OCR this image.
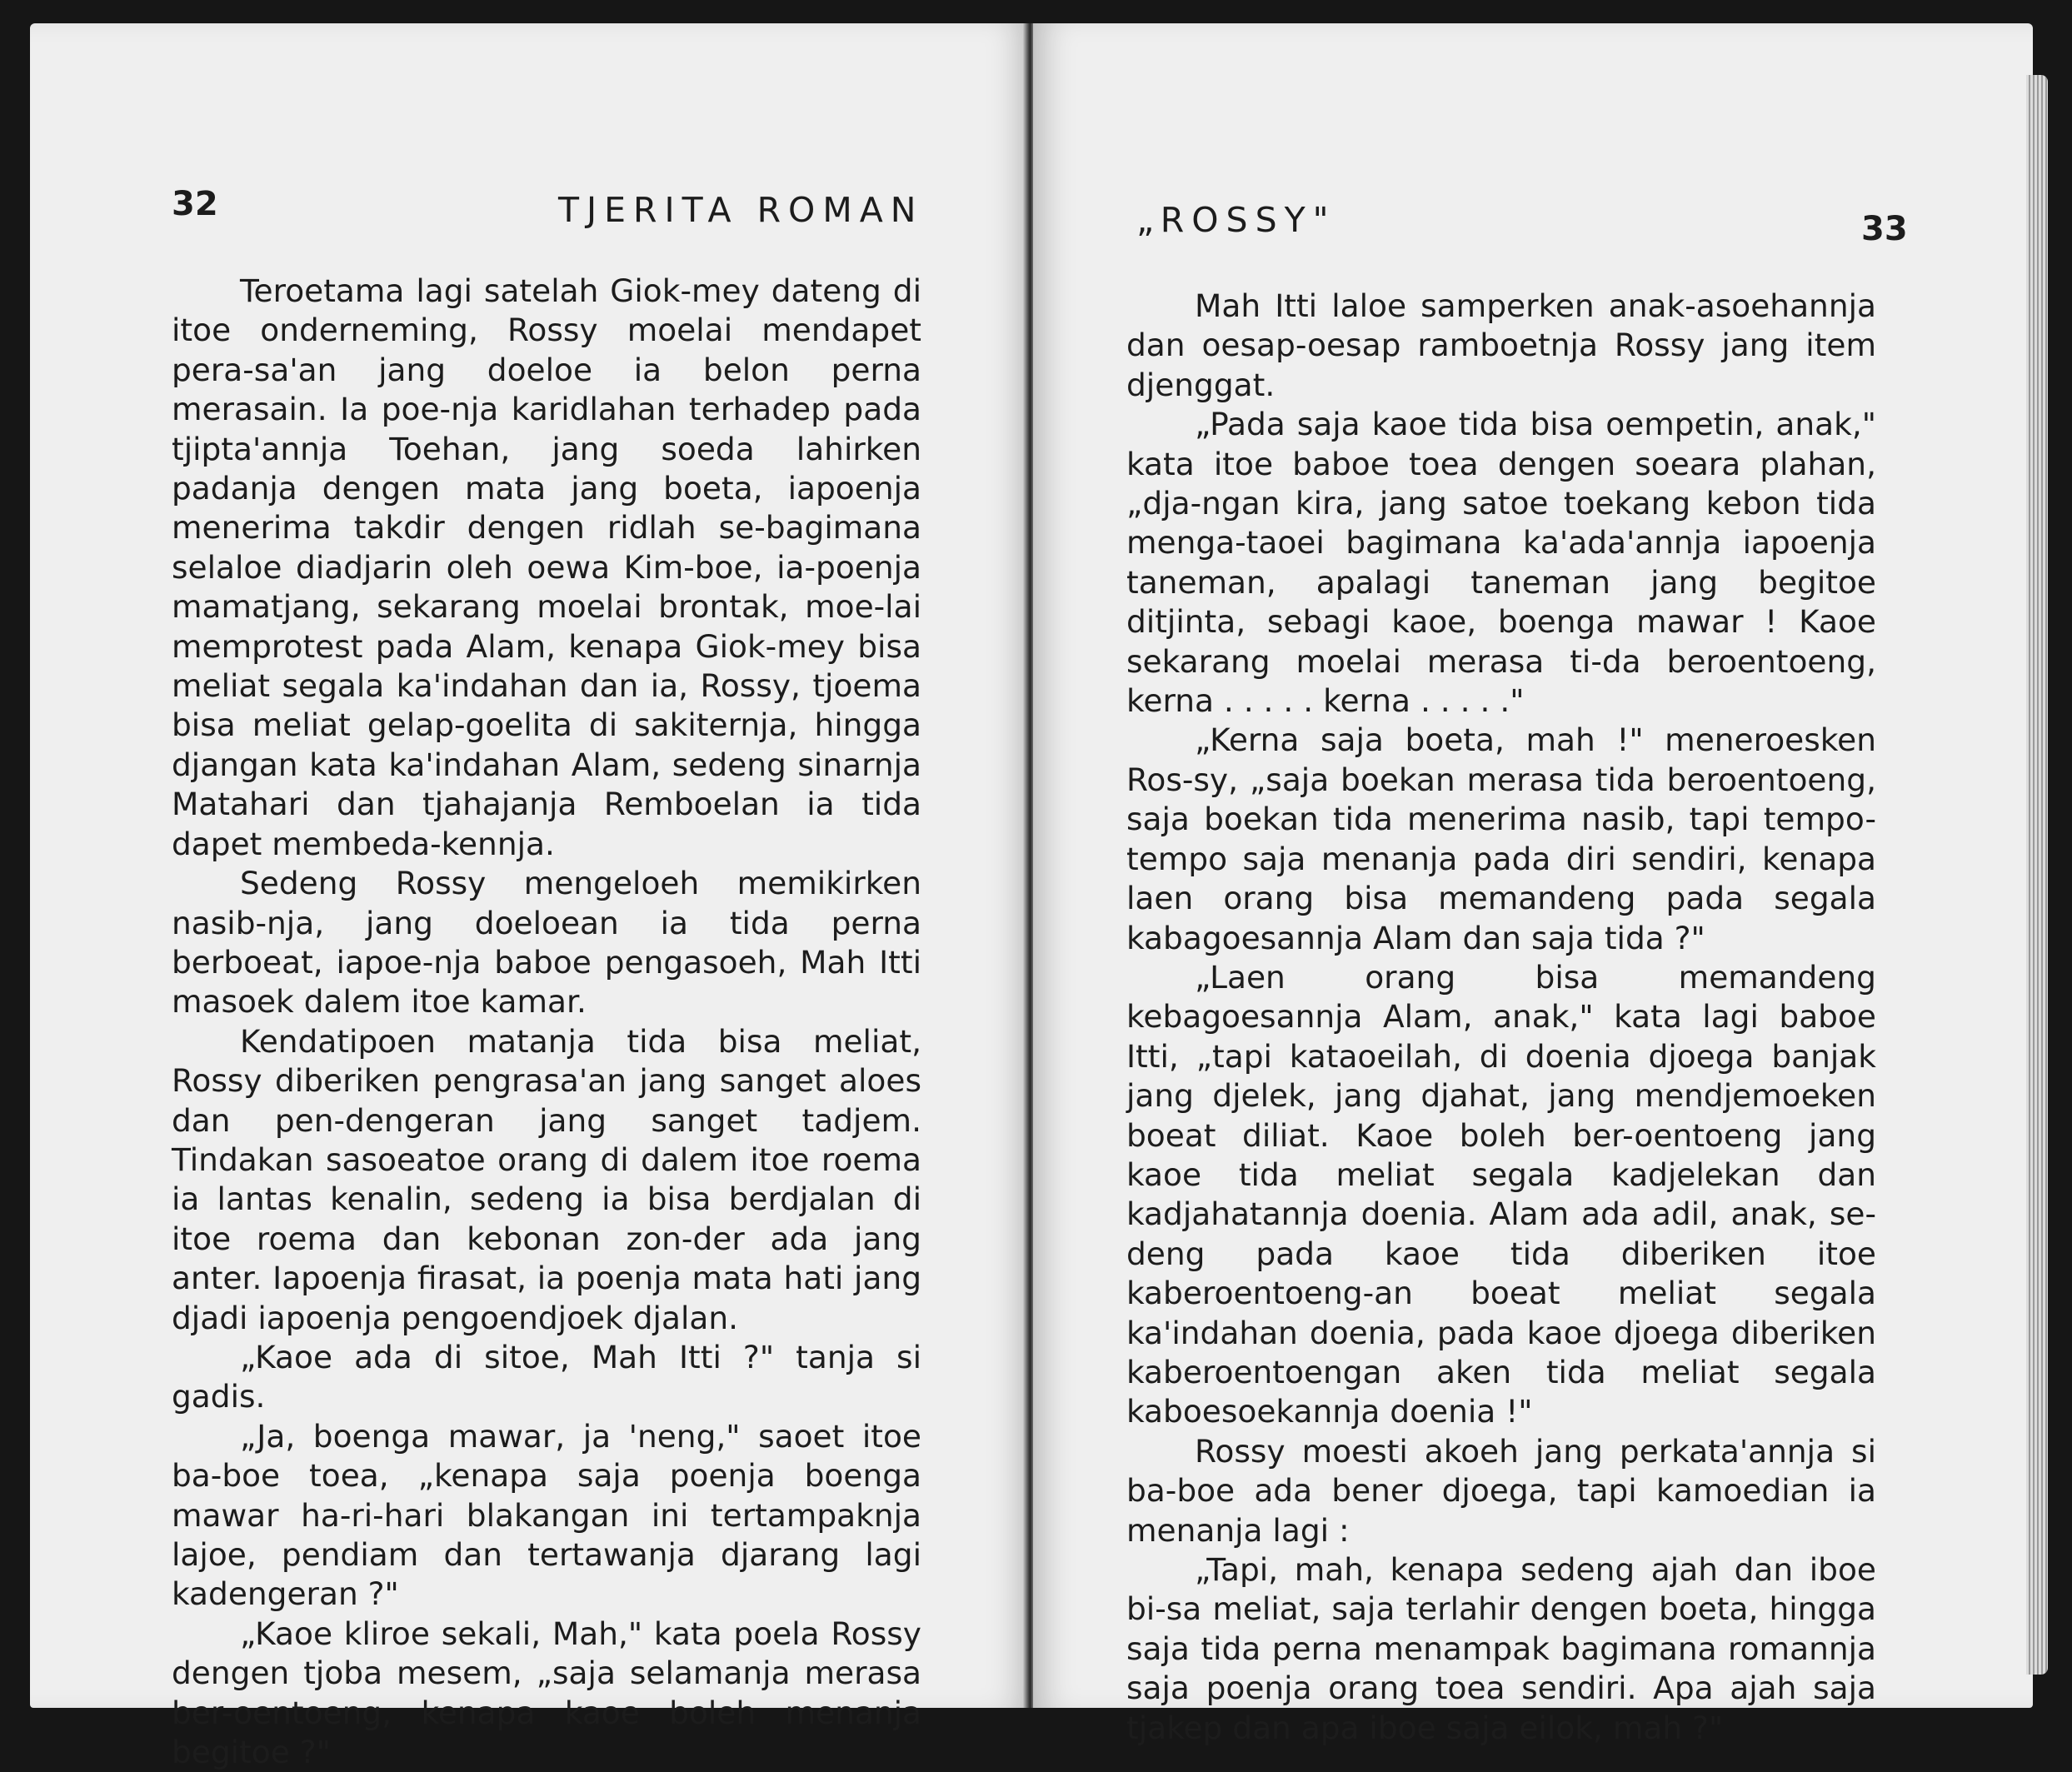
32	TJERITA ROMAN

Teroetama lagi satelah Giok-mey dateng di itoe onderneming, Rossy moelai mendapet pera-sa'an jang doeloe ia belon perna merasain. Ia poe-nja karidlahan terhadep pada tjipta'annja Toehan, jang soeda lahirken padanja dengen mata jang boeta, iapoenja menerima takdir dengen ridlah se-bagimana selaloe diadjarin oleh oewa Kim-boe, ia-poenja mamatjang, sekarang moelai brontak, moe-lai memprotest pada Alam, kenapa Giok-mey bisa meliat segala ka'indahan dan ia, Rossy, tjoema bisa meliat gelap-goelita di sakiternja, hingga djangan kata ka'indahan Alam, sedeng sinarnja Matahari dan tjahajanja Remboelan ia tida dapet membeda-kennja.

Sedeng Rossy mengeloeh memikirken nasib-nja, jang doeloean ia tida perna berboeat, iapoe-nja baboe pengasoeh, Mah Itti masoek dalem itoe kamar.

Kendatipoen matanja tida bisa meliat, Rossy diberiken pengrasa'an jang sanget aloes dan pen-dengeran jang sanget tadjem. Tindakan sasoeatoe orang di dalem itoe roema ia lantas kenalin, sedeng ia bisa berdjalan di itoe roema dan kebonan zon-der ada jang anter. Iapoenja firasat, ia poenja mata hati jang djadi iapoenja pengoendjoek djalan.

„Kaoe ada di sitoe, Mah Itti ?" tanja si gadis.

„Ja, boenga mawar, ja 'neng," saoet itoe ba-boe toea, „kenapa saja poenja boenga mawar ha-ri-hari blakangan ini tertampaknja lajoe, pendiam dan tertawanja djarang lagi kadengeran ?"

„Kaoe kliroe sekali, Mah," kata poela Rossy dengen tjoba mesem, „saja selamanja merasa ber-oentoeng, kenapa kaoe boleh menanja begitoe ?"

„ROSSY"	33

Mah Itti laloe samperken anak-asoehannja dan oesap-oesap ramboetnja Rossy jang item djenggat.

„Pada saja kaoe tida bisa oempetin, anak," kata itoe baboe toea dengen soeara plahan, „dja-ngan kira, jang satoe toekang kebon tida menga-taoei bagimana ka'ada'annja iapoenja taneman, apalagi taneman jang begitoe ditjinta, sebagi kaoe, boenga mawar ! Kaoe sekarang moelai merasa ti-da beroentoeng, kerna . . . . . kerna . . . . ."

„Kerna saja boeta, mah !" meneroesken Ros-sy, „saja boekan merasa tida beroentoeng, saja boekan tida menerima nasib, tapi tempo-tempo saja menanja pada diri sendiri, kenapa laen orang bisa memandeng pada segala kabagoesannja Alam dan saja tida ?"

„Laen orang bisa memandeng kebagoesannja Alam, anak," kata lagi baboe Itti, „tapi kataoeilah, di doenia djoega banjak jang djelek, jang djahat, jang mendjemoeken boeat diliat. Kaoe boleh ber-oentoeng jang kaoe tida meliat segala kadjelekan dan kadjahatannja doenia. Alam ada adil, anak, se-deng pada kaoe tida diberiken itoe kaberoentoeng-an boeat meliat segala ka'indahan doenia, pada kaoe djoega diberiken kaberoentoengan aken tida meliat segala kaboesoekannja doenia !"

Rossy moesti akoeh jang perkata'annja si ba-boe ada bener djoega, tapi kamoedian ia menanja lagi :

„Tapi, mah, kenapa sedeng ajah dan iboe bi-sa meliat, saja terlahir dengen boeta, hingga saja tida perna menampak bagimana romannja saja poenja orang toea sendiri. Apa ajah saja tjakep dan apa iboe saja eilok, mah ?"
